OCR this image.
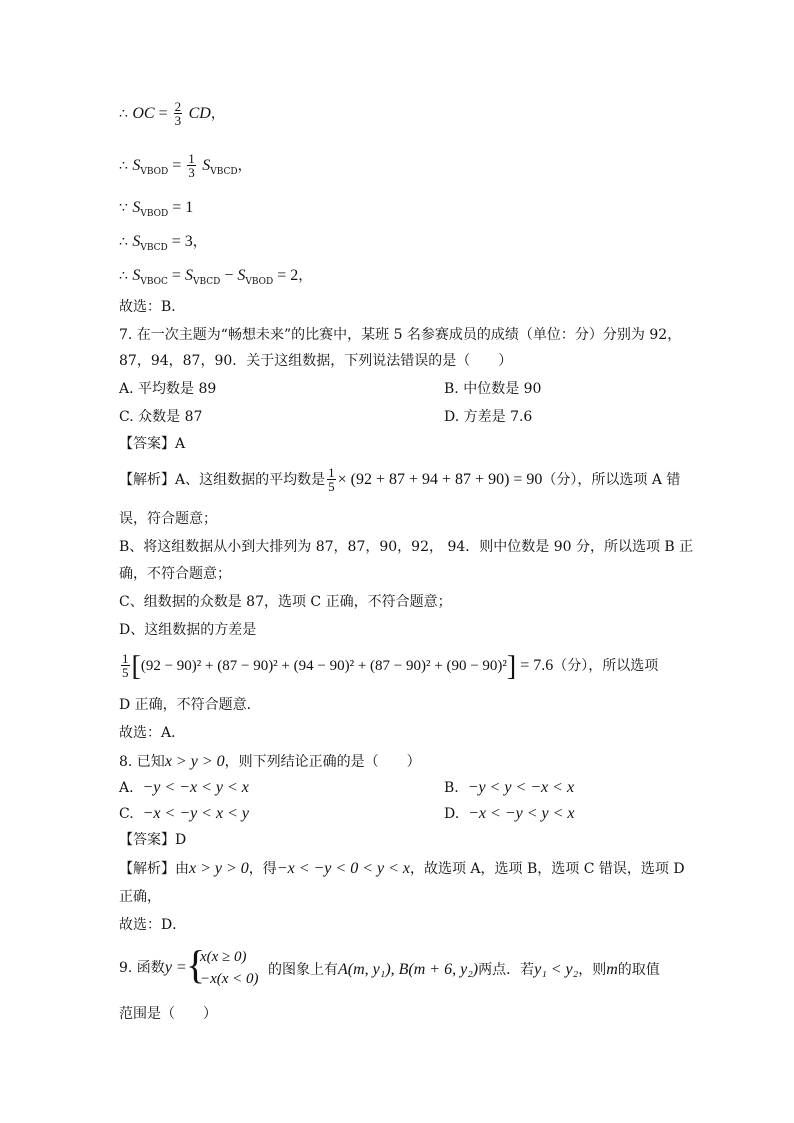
∴ OC = $\frac{2}{3}$ CD，
∴ $S_{VBOD} = \frac{1}{3} S_{VBCD}$，
∵ $S_{VBOD} = 1$
∴ $S_{VBCD} = 3$，
∴ $S_{VBOC} = S_{VBCD} - S_{VBOD} = 2$，
故选：B．
7. 在一次主题为“畅想未来”的比赛中，某班 5 名参赛成员的成绩（单位：分）分别为 92，
87，94，87，90．关于这组数据，下列说法错误的是（　　）
A. 平均数是 89	B. 中位数是 90
C. 众数是 87	D. 方差是 7.6
【答案】A
【解析】A、这组数据的平均数是 $\frac{1}{5} \times (92 + 87 + 94 + 87 + 90) = 90$（分），所以选项 A 错
误，符合题意；
B、将这组数据从小到大排列为 87，87，90，92， 94．则中位数是 90 分，所以选项 B 正
确，不符合题意；
C、组数据的众数是 87，选项 C 正确，不符合题意；
D、这组数据的方差是
$\frac{1}{5} [(92 - 90)^2 + (87 - 90)^2 + (94 - 90)^2 + (87 - 90)^2 + (90 - 90)^2] = 7.6$（分），所以选项
D 正确，不符合题意．
故选：A．
8. 已知x > y > 0，则下列结论正确的是（　　）
A. −y < −x < y < x	B. −y < y < −x < x
C. −x < −y < x < y	D. −x < −y < y < x
【答案】D
【解析】由x > y > 0，得−x < −y < 0 < y < x，故选项 A，选项 B，选项 C 错误，选项 D
正确，
故选：D．
9. 函数y = {
x(x ≥ 0)
−x(x < 0)
的图象上有A(m, y₁), B(m + 6, y₂)两点．若y₁ < y₂，则m的取值
范围是（　　）
